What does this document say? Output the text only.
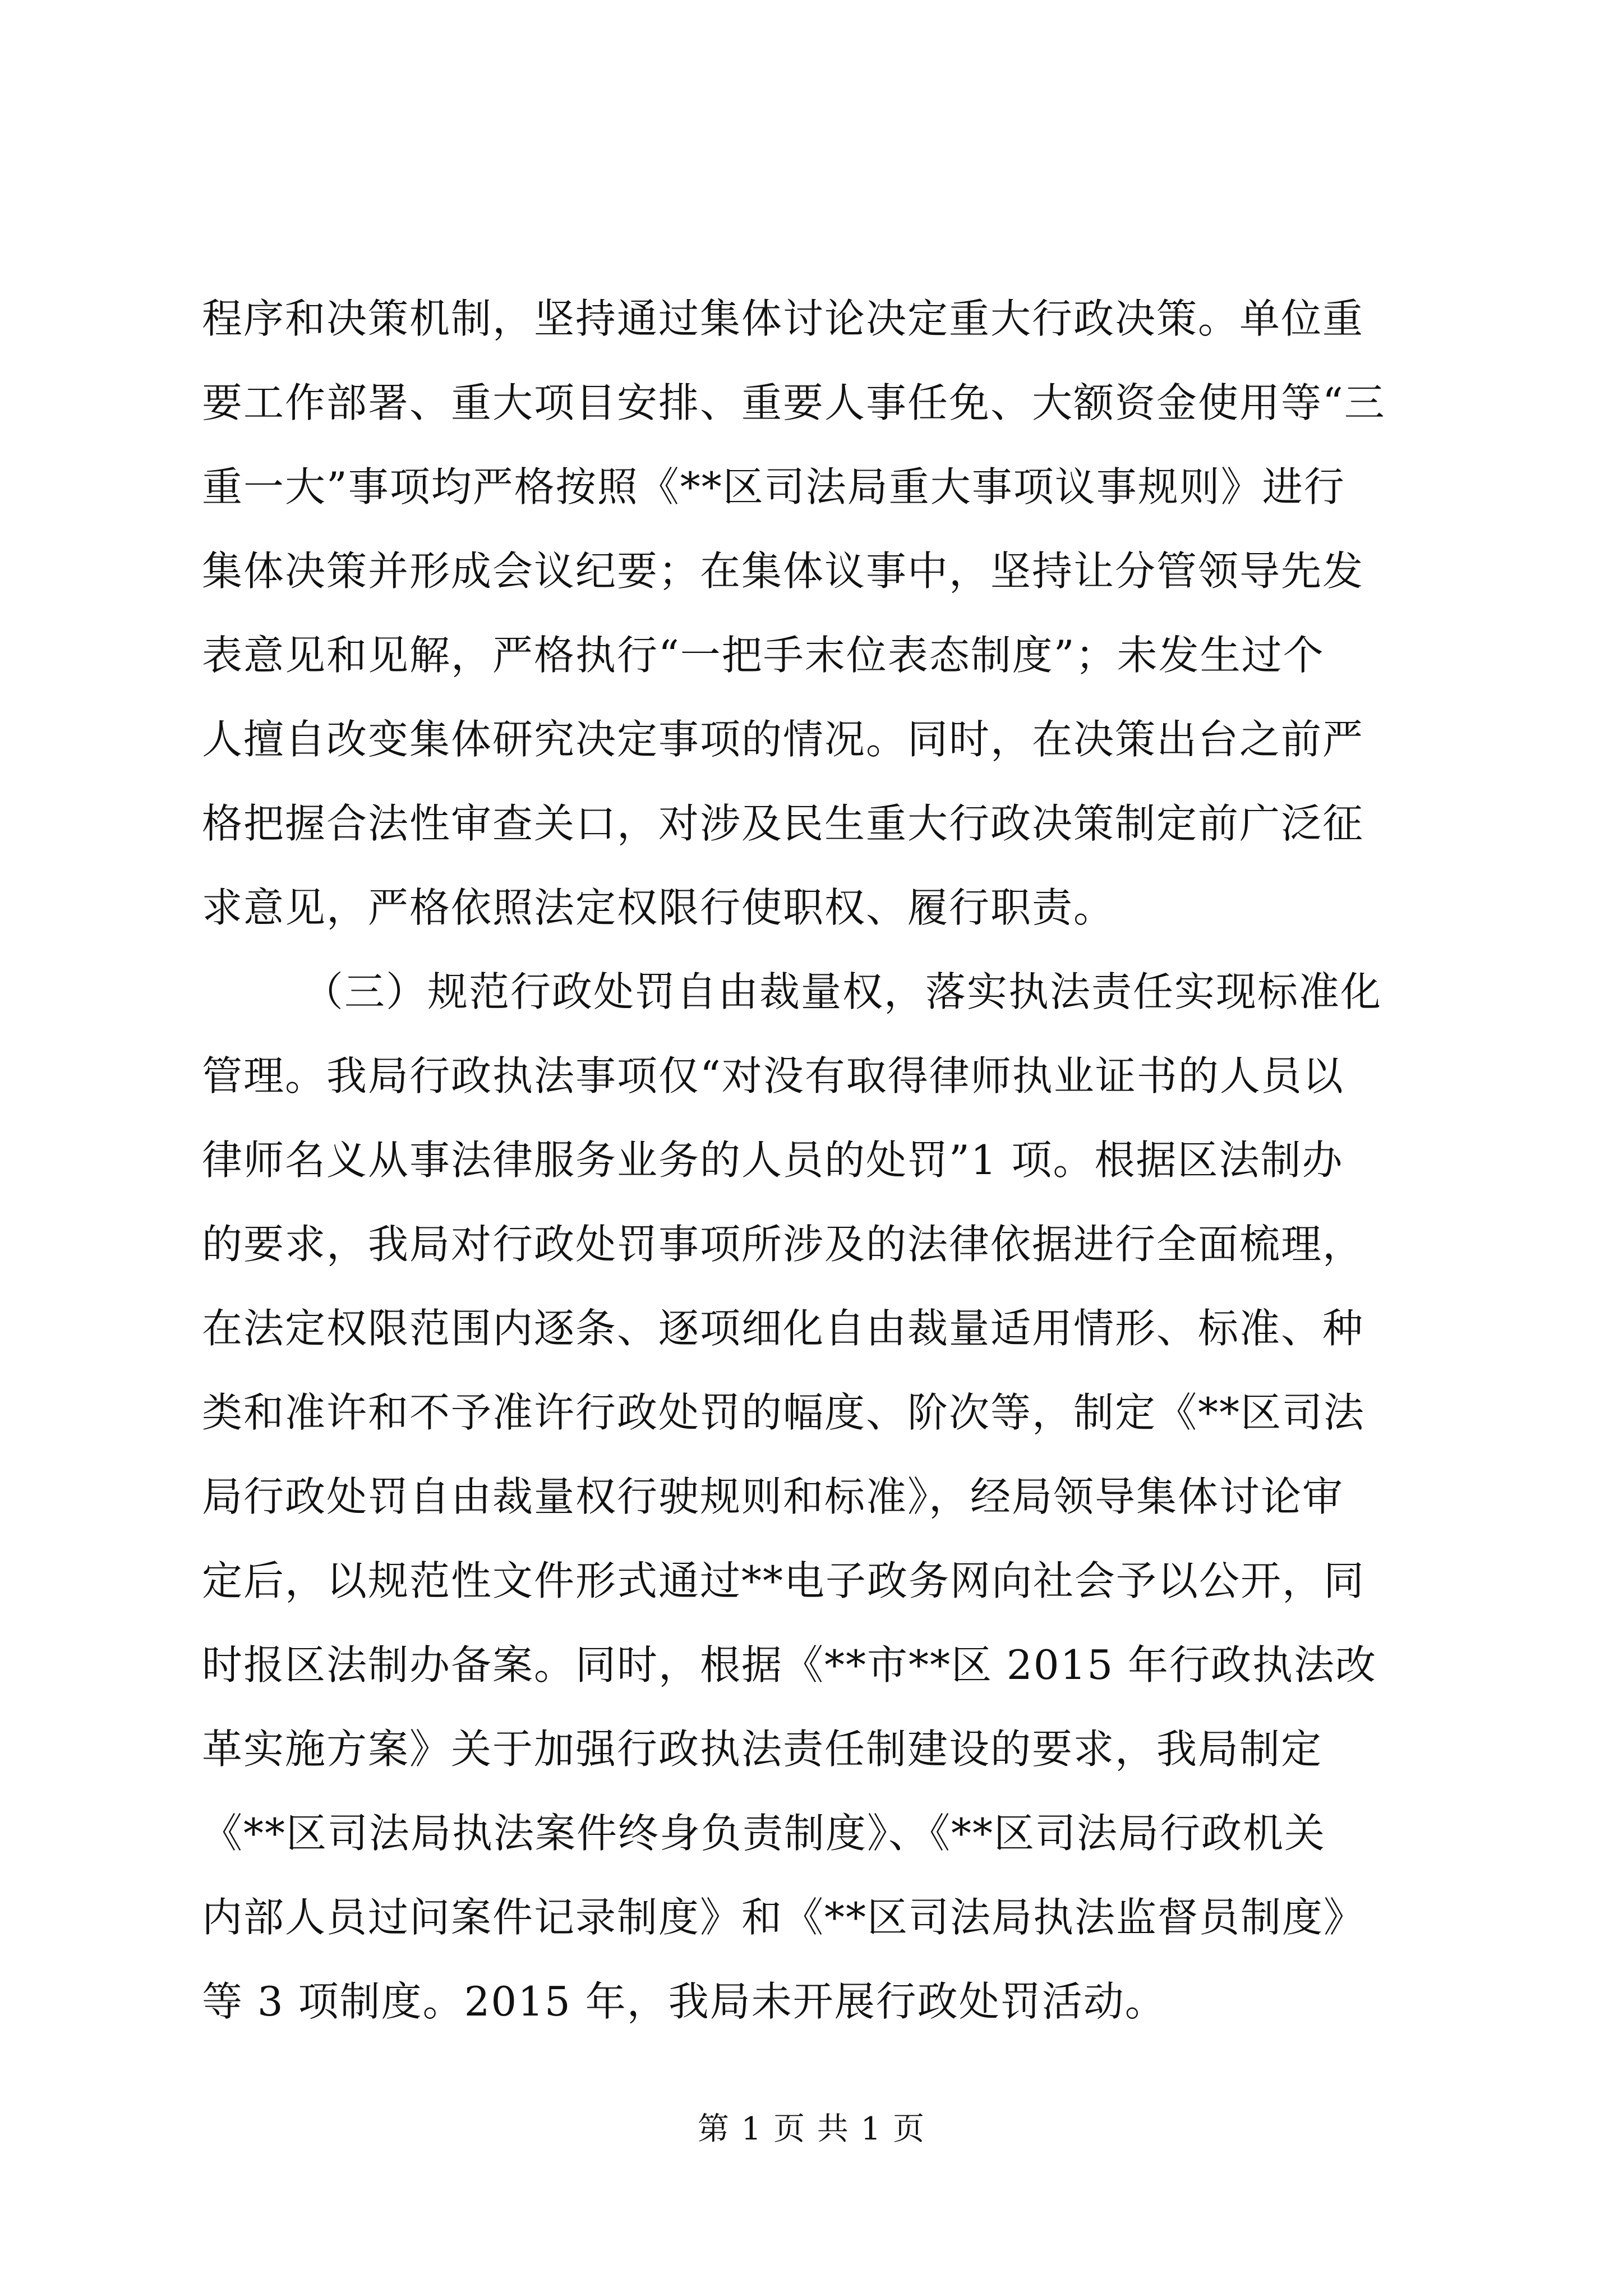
程序和决策机制，坚持通过集体讨论决定重大行政决策。单位重
要工作部署、重大项目安排、重要人事任免、大额资金使用等“三
重一大”事项均严格按照《**区司法局重大事项议事规则》进行
集体决策并形成会议纪要；在集体议事中，坚持让分管领导先发
表意见和见解，严格执行“一把手末位表态制度”；未发生过个
人擅自改变集体研究决定事项的情况。同时，在决策出台之前严
格把握合法性审查关口，对涉及民生重大行政决策制定前广泛征
求意见，严格依照法定权限行使职权、履行职责。
（三）规范行政处罚自由裁量权，落实执法责任实现标准化
管理。我局行政执法事项仅“对没有取得律师执业证书的人员以
律师名义从事法律服务业务的人员的处罚”1 项。根据区法制办
的要求，我局对行政处罚事项所涉及的法律依据进行全面梳理，
在法定权限范围内逐条、逐项细化自由裁量适用情形、标准、种
类和准许和不予准许行政处罚的幅度、阶次等，制定《**区司法
局行政处罚自由裁量权行驶规则和标准》，经局领导集体讨论审
定后，以规范性文件形式通过**电子政务网向社会予以公开，同
时报区法制办备案。同时，根据《**市**区 2015 年行政执法改
革实施方案》关于加强行政执法责任制建设的要求，我局制定
《**区司法局执法案件终身负责制度》、《**区司法局行政机关
内部人员过问案件记录制度》和《**区司法局执法监督员制度》
等 3 项制度。2015 年，我局未开展行政处罚活动。
第 1 页 共 1 页
